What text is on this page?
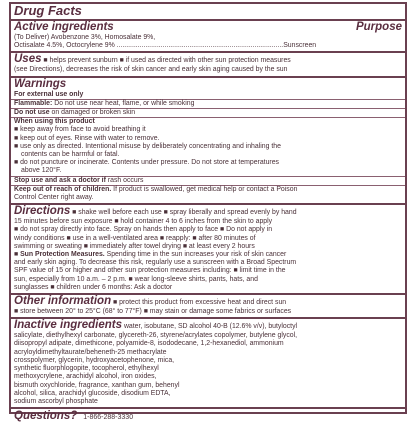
Drug Facts
Active ingredients	Purpose
(To Deliver) Avobenzone 3%, Homosalate 9%,
Octisalate 4.5%, Octocrylene 9% .......................................................................................Sunscreen
Uses ■ helps prevent sunburn ■ if used as directed with other sun protection measures
(see Directions), decreases the risk of skin cancer and early skin aging caused by the sun
Warnings
For external use only
Flammable: Do not use near heat, flame, or while smoking
Do not use on damaged or broken skin
When using this product
■ keep away from face to avoid breathing it
■ keep out of eyes. Rinse with water to remove.
■ use only as directed. Intentional misuse by deliberately concentrating and inhaling the
contents can be harmful or fatal.
■ do not puncture or incinerate. Contents under pressure. Do not store at temperatures
above 120°F.
Stop use and ask a doctor if rash occurs
Keep out of reach of children. If product is swallowed, get medical help or contact a Poison
Control Center right away.
Directions ■ shake well before each use ■ spray liberally and spread evenly by hand
15 minutes before sun exposure ■ hold container 4 to 6 inches from the skin to apply
■ do not spray directly into face. Spray on hands then apply to face ■ Do not apply in
windy conditions ■ use in a well-ventilated area ■ reapply: ■ after 80 minutes of
swimming or sweating ■ immediately after towel drying ■ at least every 2 hours
■ Sun Protection Measures. Spending time in the sun increases your risk of skin cancer
and early skin aging. To decrease this risk, regularly use a sunscreen with a Broad Spectrum
SPF value of 15 or higher and other sun protection measures including: ■ limit time in the
sun, especially from 10 a.m. – 2 p.m. ■ wear long-sleeve shirts, pants, hats, and
sunglasses ■ children under 6 months: Ask a doctor
Other information ■ protect this product from excessive heat and direct sun
■ store between 20° to 25°C (68° to 77°F) ■ may stain or damage some fabrics or surfaces
Inactive ingredients water, isobutane, SD alcohol 40-B (12.6% v/v), butyloctyl
salicylate, diethylhexyl carbonate, glycereth-26, styrene/acrylates copolymer, butylene glycol,
diisopropyl adipate, dimethicone, polyamide-8, isododecane, 1,2-hexanediol, ammonium
acryloyldimethyltaurate/beheneth-25 methacrylate
crosspolymer, glycerin, hydroxyacetophenone, mica,
synthetic fluorphlogopite, tocopherol, ethylhexyl
methoxycrylene, arachidyl alcohol, iron oxides,
bismuth oxychloride, fragrance, xanthan gum, behenyl
alcohol, silica, arachidyl glucoside, disodium EDTA,
sodium ascorbyl phosphate
Questions? 1-866-288-3330
